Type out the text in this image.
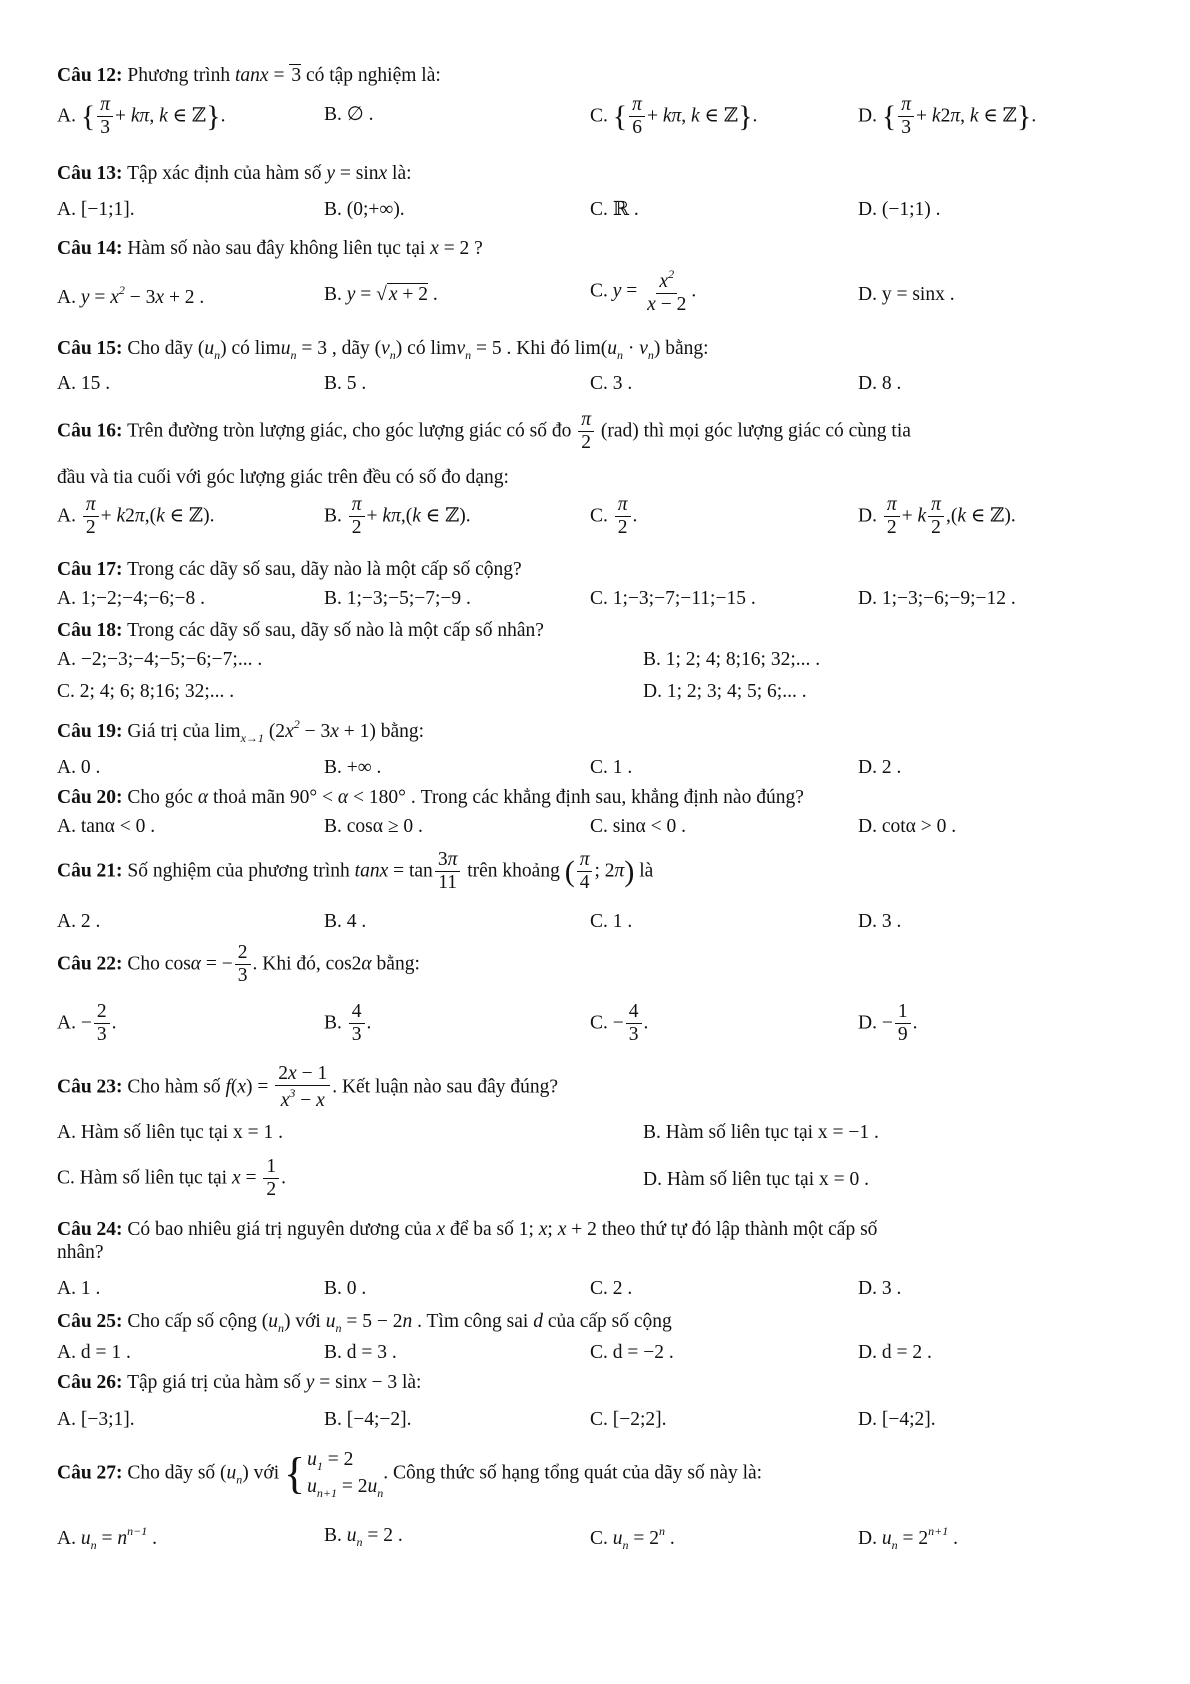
Câu 12: Phương trình tanx = 3 có tập nghiệm là:
A. { $\frac{\pi}{3} + k\pi$, k ∈ ℤ}.	B. ∅ .	C. { $\frac{\pi}{6} + k\pi$, k ∈ ℤ}.	D. { $\frac{\pi}{3} + k2\pi$, k ∈ ℤ}.
Câu 13: Tập xác định của hàm số y = sinx là:
A. [−1;1].	B. (0;+∞).	C. ℝ .	D. (−1;1) .
Câu 14: Hàm số nào sau đây không liên tục tại x = 2 ?
A. $y = x^2 - 3x + 2$ .	B. y = √ x + 2 .	C. $y = \frac{x^2}{x - 2}$ .	D. y = sinx .
Câu 15: Cho dãy $(u_n)$ có limu$_n$ = 3 , dãy $(v_n)$ có limv$_n$ = 5 . Khi đó $\lim(u_n \cdot v_n)$ bằng:
A. 15 .	B. 5 .	C. 3 .	D. 8 .
Câu 16: Trên đường tròn lượng giác, cho góc lượng giác có số đo $\frac{\pi}{2} (rad)$ thì mọi góc lượng giác có cùng tia
đầu và tia cuối với góc lượng giác trên đều có số đo dạng:
A. $\frac{\pi}{2} + k2\pi,(k$ ∈ ℤ).	B. $\frac{\pi}{2} + k\pi,(k$ ∈ ℤ).	C. $\frac{\pi}{2}$ .	D. $\frac{\pi}{2} + k \frac{\pi}{2} ,(k$ ∈ ℤ).
Câu 17: Trong các dãy số sau, dãy nào là một cấp số cộng?
A. 1;−2;−4;−6;−8 .	B. 1;−3;−5;−7;−9 .	C. 1;−3;−7;−11;−15 .	D. 1;−3;−6;−9;−12 .
Câu 18: Trong các dãy số sau, dãy số nào là một cấp số nhân?
A. −2;−3;−4;−5;−6;−7;... .	B. 1; 2; 4; 8;16; 32;... .
C. 2; 4; 6; 8;16; 32;... .	D. 1; 2; 3; 4; 5; 6;... .
Câu 19: Giá trị của $\lim_{x\to 1} (2x^2 - 3x + 1)$ bằng:
A. 0 .	B. +∞ .	C. 1 .	D. 2 .
Câu 20: Cho góc α thoả mãn 90° < α < 180° . Trong các khẳng định sau, khẳng định nào đúng?
A. tanα < 0 .	B. cosα ≥ 0 .	C. sinα < 0 .	D. cotα > 0 .
Câu 21: Số nghiệm của phương trình $\tan x = \tan \frac{3\pi}{11}$ trên khoảng ( $\frac{\pi}{4}$ ; 2π) là
A. 2 .	B. 4 .	C. 1 .	D. 3 .
Câu 22: Cho cosα = − $\frac{2}{3}$ . Khi đó, cos2α bằng:
A. − $\frac{2}{3}$ .	B. $\frac{4}{3}$ .	C. − $\frac{4}{3}$ .	D. − $\frac{1}{9}$ .
Câu 23: Cho hàm số $f(x) = \frac{2x - 1}{x^3 - x}$ . Kết luận nào sau đây đúng?
A. Hàm số liên tục tại x = 1 .	B. Hàm số liên tục tại x = −1 .
C. Hàm số liên tục tại $x = \frac{1}{2}$ .	D. Hàm số liên tục tại x = 0 .
Câu 24: Có bao nhiêu giá trị nguyên dương của x để ba số 1; x; x + 2 theo thứ tự đó lập thành một cấp số
nhân?
A. 1 .	B. 0 .	C. 2 .	D. 3 .
Câu 25: Cho cấp số cộng $(u_n)$ với $u_n = 5 - 2n$ . Tìm công sai d của cấp số cộng
A. d = 1 .	B. d = 3 .	C. d = −2 .	D. d = 2 .
Câu 26: Tập giá trị của hàm số y = sinx − 3 là:
A. [−3;1].	B. [−4;−2].	C. [−2;2].	D. [−4;2].
Câu 27: Cho dãy số $(u_n)$ với { $u_1 = 2$
$u_{n+1} = 2u_n$
. Công thức số hạng tổng quát của dãy số này là:
A. $u_n = n^{n-1}$ .	B. $u_n = 2$ .	C. $u_n = 2^n$ .	D. $u_n = 2^{n+1}$ .
